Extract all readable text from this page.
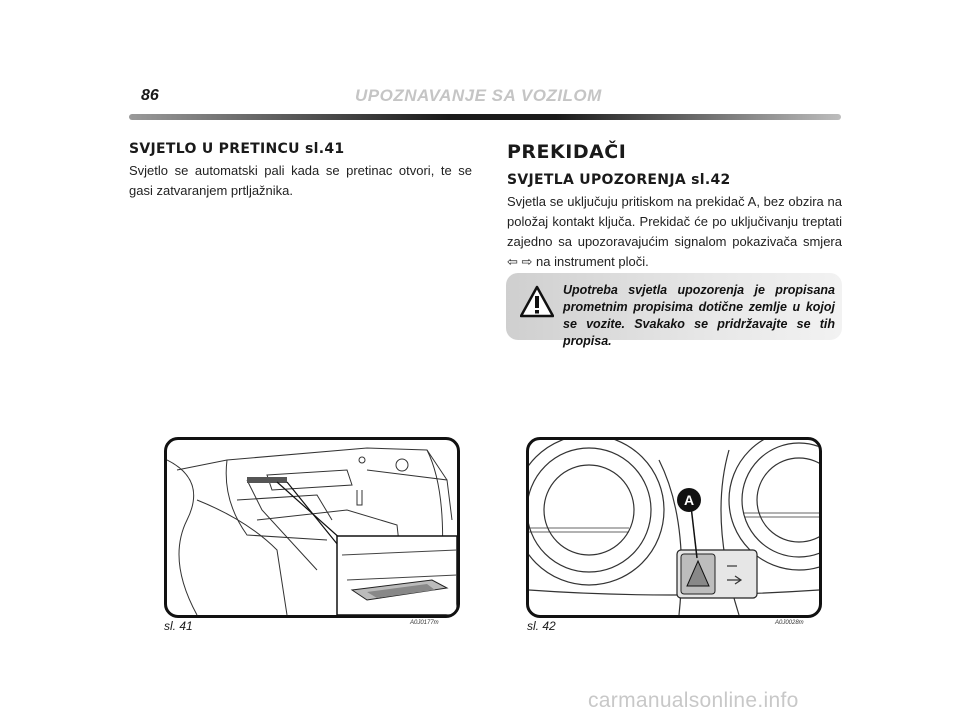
86	UPOZNAVANJE SA VOZILOM
SVJETLO U PRETINCU sl.41
Svjetlo se automatski pali kada se pretinac otvori, te se gasi zatvaranjem prtljažnika.
PREKIDAČI
SVJETLA UPOZORENJA sl.42
Svjetla se uključuju pritiskom na prekidač A, bez obzira na položaj kontakt ključa. Prekidač će po uključivanju treptati zajedno sa upozoravajućim signalom pokazivača smjera ⇦ ⇨ na instrument ploči.
Upotreba svjetla upozorenja je propisana prometnim propisima dotične zemlje u kojoj se vozite. Svakako se pridržavajte se tih propisa.
sl. 41	A0J0177m
A
sl. 42	A0J0028m
carmanualsonline.info
